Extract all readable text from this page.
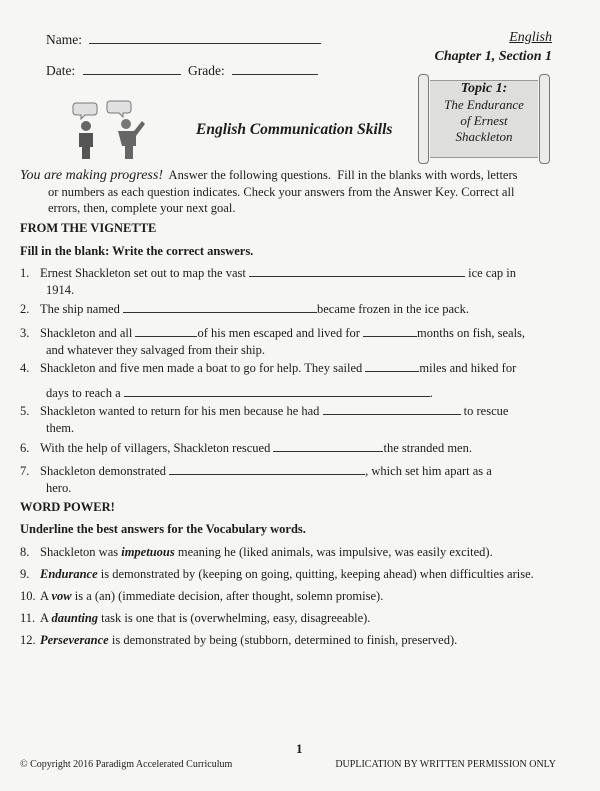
Name:
Date:	Grade:
English
Chapter 1, Section 1
Topic 1:
The Endurance
of Ernest
Shackleton
English Communication Skills
You are making progress!  Answer the following questions.  Fill in the blanks with words, letters
or numbers as each question indicates. Check your answers from the Answer Key. Correct all
errors, then, complete your next goal.
FROM THE VIGNETTE
Fill in the blank: Write the correct answers.
1. Ernest Shackleton set out to map the vast	ice cap in
1914.
2. The ship named	became frozen in the ice pack.
3. Shackleton and all	of his men escaped and lived for	months on fish, seals,
and whatever they salvaged from their ship.
4. Shackleton and five men made a boat to go for help. They sailed	miles and hiked for
days to reach a	.
5. Shackleton wanted to return for his men because he had	to rescue
them.
6. With the help of villagers, Shackleton rescued	the stranded men.
7. Shackleton demonstrated	, which set him apart as a
hero.
WORD POWER!
Underline the best answers for the Vocabulary words.
8. Shackleton was impetuous meaning he (liked animals, was impulsive, was easily excited).
9. Endurance is demonstrated by (keeping on going, quitting, keeping ahead) when difficulties arise.
10. A vow is a (an) (immediate decision, after thought, solemn promise).
11. A daunting task is one that is (overwhelming, easy, disagreeable).
12. Perseverance is demonstrated by being (stubborn, determined to finish, preserved).
1
© Copyright 2016 Paradigm Accelerated Curriculum	DUPLICATION BY WRITTEN PERMISSION ONLY
